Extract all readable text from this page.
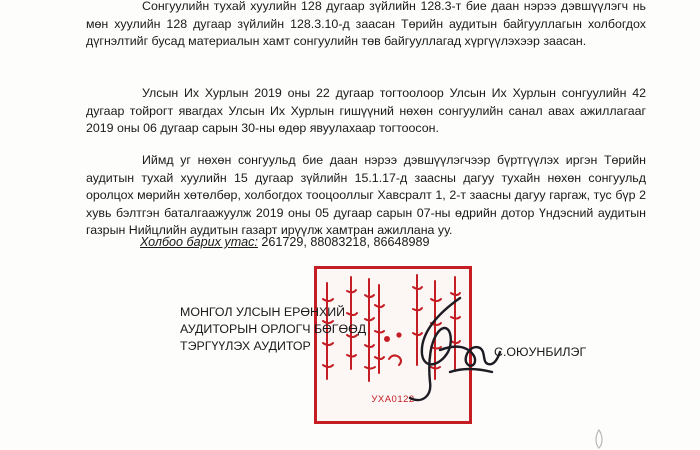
Сонгуулийн тухай хуулийн 128 дугаар зүйлийн 128.3-т бие даан нэрээ дэвшүүлэгч нь мөн хуулийн 128 дугаар зүйлийн 128.3.10-д заасан Төрийн аудитын байгууллагын холбогдох дүгнэлтийг бусад материалын хамт сонгуулийн төв байгууллагад хүргүүлэхээр заасан.

Улсын Их Хурлын 2019 оны 22 дугаар тогтоолоор Улсын Их Хурлын сонгуулийн 42 дугаар тойрогт явагдах Улсын Их Хурлын гишүүний нөхөн сонгуулийн санал авах ажиллагааг 2019 оны 06 дугаар сарын 30-ны өдөр явуулахаар тогтоосон.

Иймд уг нөхөн сонгуульд бие даан нэрээ дэвшүүлэгчээр бүртгүүлэх иргэн Төрийн аудитын тухай хуулийн 15 дугаар зүйлийн 15.1.17-д заасны дагуу тухайн нөхөн сонгуульд оролцох мөрийн хөтөлбөр, холбогдох тооцооллыг Хавсралт 1, 2-т заасны дагуу гаргаж, тус бүр 2 хувь бэлтгэн баталгаажуулж 2019 оны 05 дугаар сарын 07-ны өдрийн дотор Үндэсний аудитын газрын Нийцлийн аудитын газарт ирүүлж хамтран ажиллана уу.

Холбоо барих утас: 261729, 88083218, 86648989
УХА0122
МОНГОЛ УЛСЫН ЕРӨНХИЙ
АУДИТОРЫН ОРЛОГЧ БӨГӨӨД
ТЭРГҮҮЛЭХ АУДИТОР	С.ОЮУНБИЛЭГ
